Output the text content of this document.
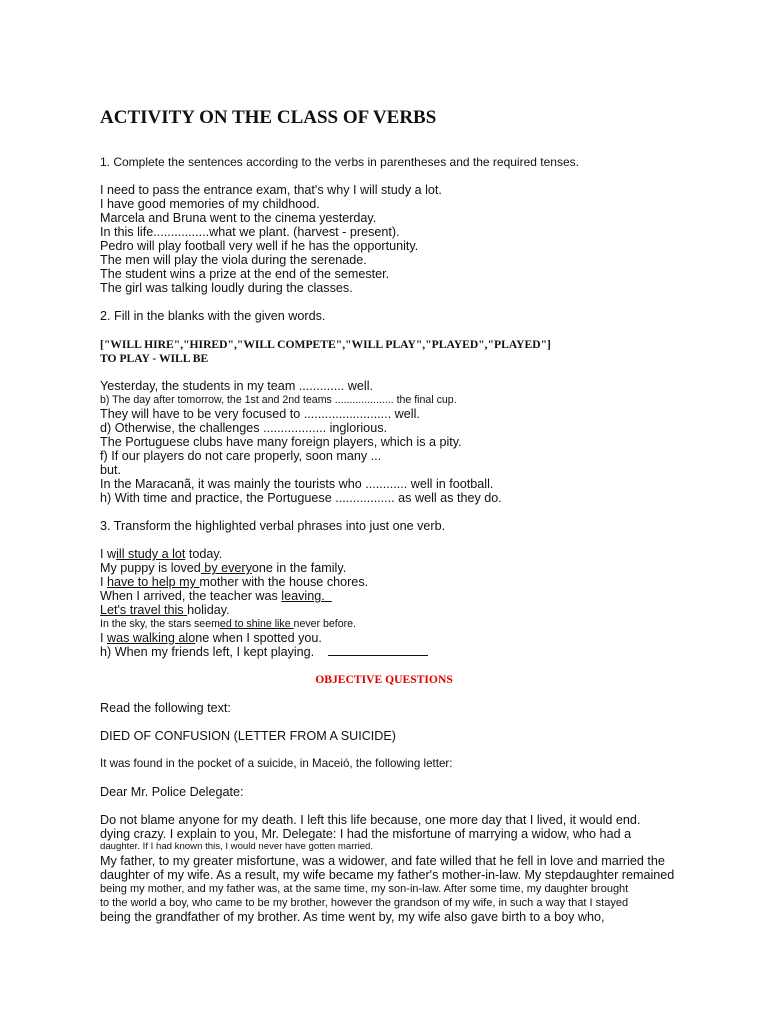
ACTIVITY ON THE CLASS OF VERBS
1. Complete the sentences according to the verbs in parentheses and the required tenses.
I need to pass the entrance exam, that's why I will study a lot.
I have good memories of my childhood.
Marcela and Bruna went to the cinema yesterday.
In this life................what we plant. (harvest - present).
Pedro will play football very well if he has the opportunity.
The men will play the viola during the serenade.
The student wins a prize at the end of the semester.
The girl was talking loudly during the classes.
2. Fill in the blanks with the given words.
["WILL HIRE","HIRED","WILL COMPETE","WILL PLAY","PLAYED","PLAYED"]
TO PLAY - WILL BE
Yesterday, the students in my team ............. well.
b) The day after tomorrow, the 1st and 2nd teams .................... the final cup.
They will have to be very focused to ......................... well.
d) Otherwise, the challenges .................. inglorious.
The Portuguese clubs have many foreign players, which is a pity.
f) If our players do not care properly, soon many ...
but.
In the Maracanã, it was mainly the tourists who ............ well in football.
h) With time and practice, the Portuguese ................. as well as they do.
3. Transform the highlighted verbal phrases into just one verb.
I will study a lot today.
My puppy is loved by everyone in the family.
I have to help my mother with the house chores.
When I arrived, the teacher was leaving.
Let's travel this holiday.
In the sky, the stars seemed to shine like never before.
I was walking alone when I spotted you.
h) When my friends left, I kept playing.
OBJECTIVE QUESTIONS
Read the following text:
DIED OF CONFUSION (LETTER FROM A SUICIDE)
It was found in the pocket of a suicide, in Maceió, the following letter:
Dear Mr. Police Delegate:
Do not blame anyone for my death. I left this life because, one more day that I lived, it would end.
dying crazy. I explain to you, Mr. Delegate: I had the misfortune of marrying a widow, who had a
daughter. If I had known this, I would never have gotten married.
My father, to my greater misfortune, was a widower, and fate willed that he fell in love and married the
daughter of my wife. As a result, my wife became my father's mother-in-law. My stepdaughter remained
being my mother, and my father was, at the same time, my son-in-law. After some time, my daughter brought
to the world a boy, who came to be my brother, however the grandson of my wife, in such a way that I stayed
being the grandfather of my brother. As time went by, my wife also gave birth to a boy who,
